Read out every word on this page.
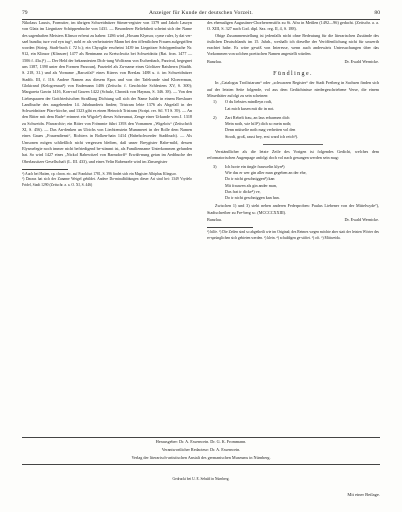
79	Anzeiger für Kunde der deutschen Vorzeit.	80

Nikolaus Lauxis, Formstier, im übrigen Schweidnitzer Stimer-register von 1379 und Jakob Lauryn von Glatz im Liegnitzer Schöppenbuche von 1431. — Besonderer Beliebtheit scheint sich der Name des sagenhaften Meisters Klinsor erfreut zu haben: 1286 wird „Hosum Klynsor, cyme ruler, ly dat ver-sael bundiu; ture vod eyn tug“, nobl er als verheirateter Mann bei den öffentlichen Frauen aufgegriffen worden (Strieg. Stadt-buch f. 72 b.); ein Chyoglär erscheint 1439 im Liegnitzer Schöppenbuche Nr. 912, ein Klinsor (Klinsoer) 1477 als Rentmann zu Kretschwitz bei Schweidnitz (Rat. fron. 1477 —1506 f. 43a.)¹) — Der Held der bekanntesten Dich-tung Wolframs von Eschenbach, Parzival, begegnet uns 1387, 1390 unter den Formen Parzoun), Parztefel als Zu-name eines Görlitzer Ratsherrn (Stadtb. S. 218, 31.) und als Vorname „Barczifal“ eines Kürers von Breslau 1488 u. ö. im Schweidnitzer Stadtb. III, f. 116. Andere Namen aus diesem Epos und von der Tafelrunde sind Kloererman, Glokirand (Kelogrenaut²) von Endemann 1406 (Zeitschr. f. Geschichte Schlesiens XV, S. 300); Margareta Gawin 1416, Kon-rad Gawen 1422 (Schulz, Chronik von Haynau, S. 346. 38). — Von den Liebespaaren der Gottfriedsischen Straßburg Dichtung soll sich der Name Isalde in einem Breslauer Landbuche des ausgehenden 14. Jahrhunderts finden; Tristram lebte 1376 als Abgefall in der Schweidnitzer Pfarr-kirche, und 1323 gibt es einen Heinrich Tristram (Script. rer. Sil. VI S. 39). — An den Ritter mit dem Rade“ erinnert ein Wigole³) dieses Schreumat, Zenge einer Urkunde vom J. 1318 zu Schweidn. Pfarrarchiv; ein Ritter von Frömmte führt 1393 den Vornamen „Wigelois“ (Zeitschrift XI, S. 456). — Das An-denken an Ulrichs von Liechtenstein Mummerei in der Rolle dem Namen eines Gaues „Frauendienst“, Richters in Bolken-hain 1414 (Habelschwerder Stadtbuch). — Als Umsonen mögen schließlich nicht vergessen bleiben, daß unser Breygtster Rabe-mild, dessen Elysmelegie noch immer nicht befriedigend be-stimmt ist, als Familienname Unterkommen gefunden hat. So wird 1427 eines „Nickol Rabewitzel von Barnsdorff“ Erwäh-nung getan im Aedtbuche der Oberlausitzer Gesellschaft (L. III. 433), und eines Velin Rabenzele wird im Zinsregister

¹) Auch bei Hatten, cp. chron. etc. auf Frankfurt 1781, S. 396 findet sich ein Magister Albiphus Klingsor.

²) Daraus hat sich der Zuname Weigel gebildet. Andere Do-minalbildungen dieser Art sind bei: 1349 Vrydelo Fridel, Stadt 1290 (Zeitschr. a. a. O. XI, S. 446)

des ehemaligen Augustiner-Chorherrenstifts zu St. Afra in Meißen (1492—96) gedacht. (Zeitschr. a. a. O. XIII, S. 327 nach Cod. dipl. Sax. reg. II, 4, S. 188).

Obige Zusammenstellung ist jedenfalls nicht ohne Bedeutung für die literarischen Zustände des östlichen Deutschlands im 15. Jahrh., weshalb ich dieselbe der Veröffentlichung nicht für unwerth erachtet habe. Es wäre gewiß von Interesse, wenn auch anderwärts Untersuchungen über das Vorkommen von solchen poetischen Namen angestellt würden.

Bunzlau.	Dr. Ewald Wernicke.
Fündlinge.

In „Catalogus Troilistarum“ oder „schwarzen Register“ der Stadt Freiberg in Sachsen finden sich auf der letzten Seite folgende, vol aus dem Gedächtnisse niedergeschriebene Verse, die einem Missethäter zufolgt zu sein scheinen:

1) O du liebstes mindleyn rodt,
Lat mich kusen mit dir in not.
2) Zart Rebelt frau, an lass erbarmen dich
Mein noth, wie hilf²) dich so mein noth;
Denn mütselie noth mag verheiten vol den
Strodt, groß, raust bey, erst ward ich reich³).

Verständlicher als die letzte Zeile des Vorigen ist folgendes Gedicht, welches dem reformatorischen Augenpage anfolgt doch vol nach gesungen werden sein mag:

3) Ich horte ein tingle frauwelin klyn⁴)
Wie das er wer gin aller man gegeben an der ehe,
Do ir nicht geschniggen⁵) kan
Mit frauwen als gin ander man,
Das frat ir dicke⁶) ve,
Do ir nicht geschniggen kan han.

Zwischen 1) und 3) steht neben anderen Federproben: Paulus Liebener von der Mittelwyde⁷), Stadtschreiber zu Fre-berg sc. (MCCCCXXIII).

Bunzlau.	Dr. Ewald Wernicke.

¹) hilfe. ²) Die Zeilen sind so abgetheilt wie im Original; des Reimes wegen möchte aber statt der letzten Wörter des er-sprünglichen sich gebieten werden. ³) klein. ⁴) schuldigen ge-stiftet. ⁵) oft. ⁶) Mittweida.

Herausgeber: Dr. A. Essenwein. Dr. G. K. Frommann.
Verantwortlicher Redacteur: Dr. A. Essenwein.
Verlag der literarisch-artistischen Anstalt des germanischen Museums in Nürnberg.
Gedruckt bei U. E. Sebald in Nürnberg.
Mit einer Beilage.
